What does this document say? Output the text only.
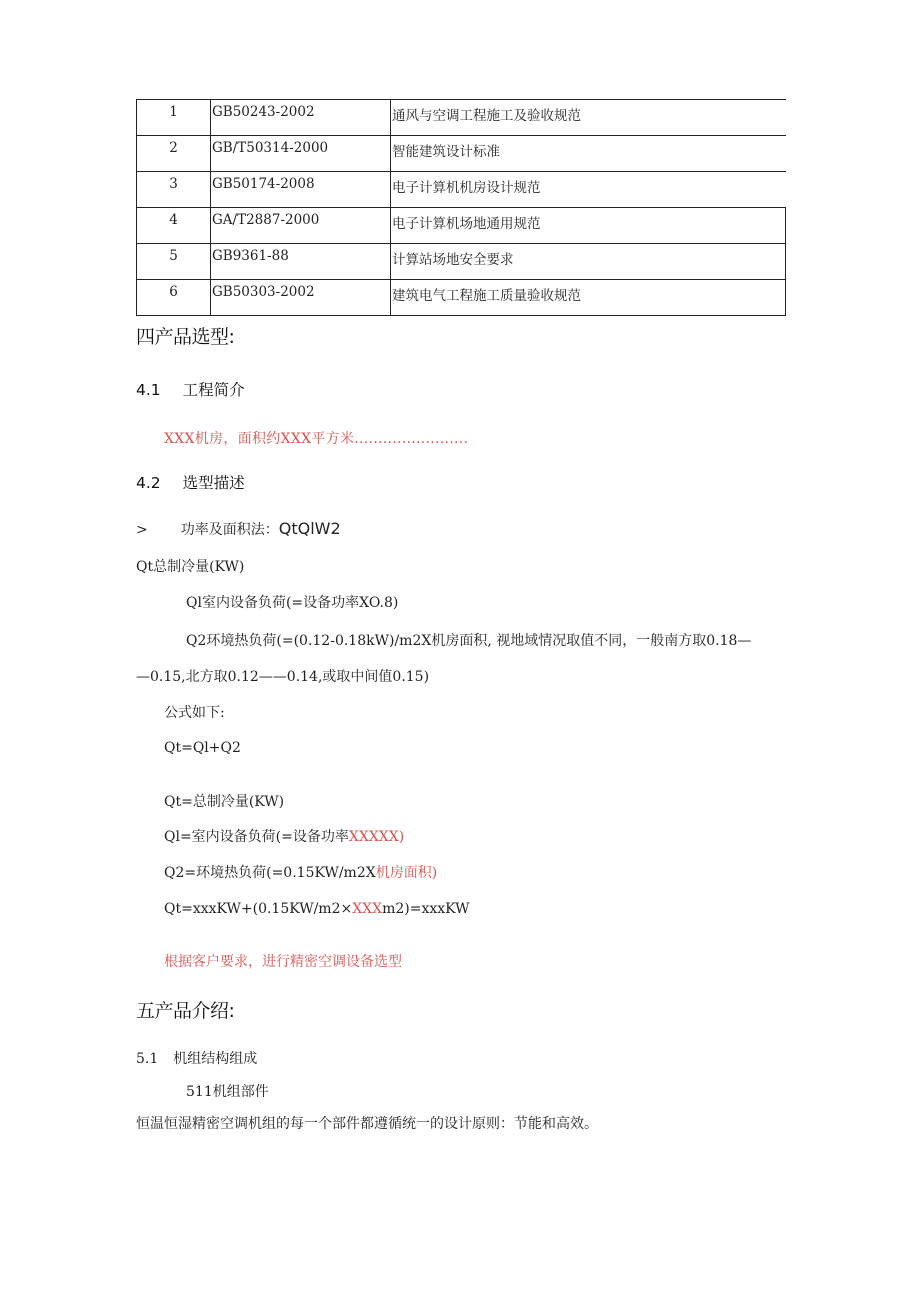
1	GB50243-2002	通风与空调工程施工及验收规范
2	GB/T50314-2000	智能建筑设计标准
3	GB50174-2008	电子计算机机房设计规范
4	GA/T2887-2000	电子计算机场地通用规范
5	GB9361-88	计算站场地安全要求
6	GB50303-2002	建筑电气工程施工质量验收规范
四产品选型:
4.1 工程简介
XXX机房，面积约XXX平方米........................
4.2 选型描述
> 功率及面积法：QtQlW2
Qt总制冷量(KW)
Ql室内设备负荷(=设备功率XO.8)
Q2环境热负荷(=(0.12-0.18kW)/m2X机房面积, 视地域情况取值不同，一般南方取0.18—
—0.15,北方取0.12——0.14,或取中间值0.15)
公式如下:
Qt=Ql+Q2
Qt=总制冷量(KW)
Ql=室内设备负荷(=设备功率XXXXX)
Q2=环境热负荷(=0.15KW/m2X机房面积)
Qt=xxxKW+(0.15KW/m2×XXXm2)=xxxKW
根据客户要求，进行精密空调设备选型
五产品介绍:
5.1 机组结构组成
511机组部件
恒温恒湿精密空调机组的每一个部件都遵循统一的设计原则：节能和高效。
